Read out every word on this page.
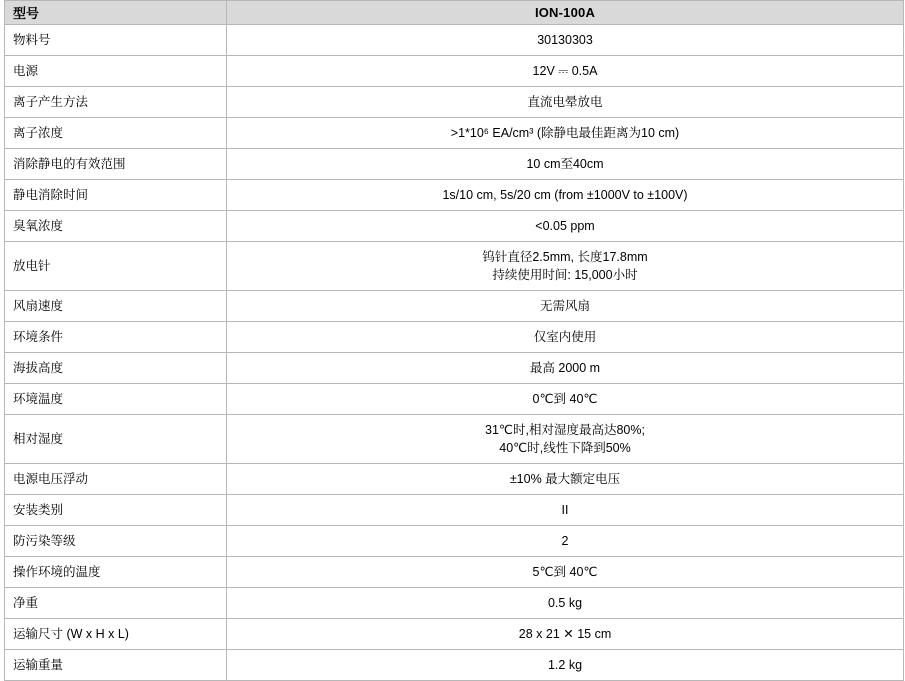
型号	ION-100A
物料号	30130303

电源	12V ⎓ 0.5A

离子产生方法	直流电晕放电

离子浓度	>1*10⁶ EA/cm³ (除静电最佳距离为10 cm)

消除静电的有效范围	10 cm至40cm

静电消除时间	1s/10 cm, 5s/20 cm (from ±1000V to ±100V)

臭氧浓度	<0.05 ppm

放电针	钨针直径2.5mm, 长度17.8mm
持续使用时间: 15,000小时

风扇速度	无需风扇

环境条件	仅室内使用

海拔高度	最高 2000 m

环境温度	0℃到 40℃

相对湿度	31℃时,相对湿度最高达80%;
40℃时,线性下降到50%

电源电压浮动	±10% 最大额定电压

安装类别	II

防污染等级	2

操作环境的温度	5℃到 40℃

净重	0.5 kg

运输尺寸 (W x H x L)	28 x 21 ✕ 15 cm

运输重量	1.2 kg
